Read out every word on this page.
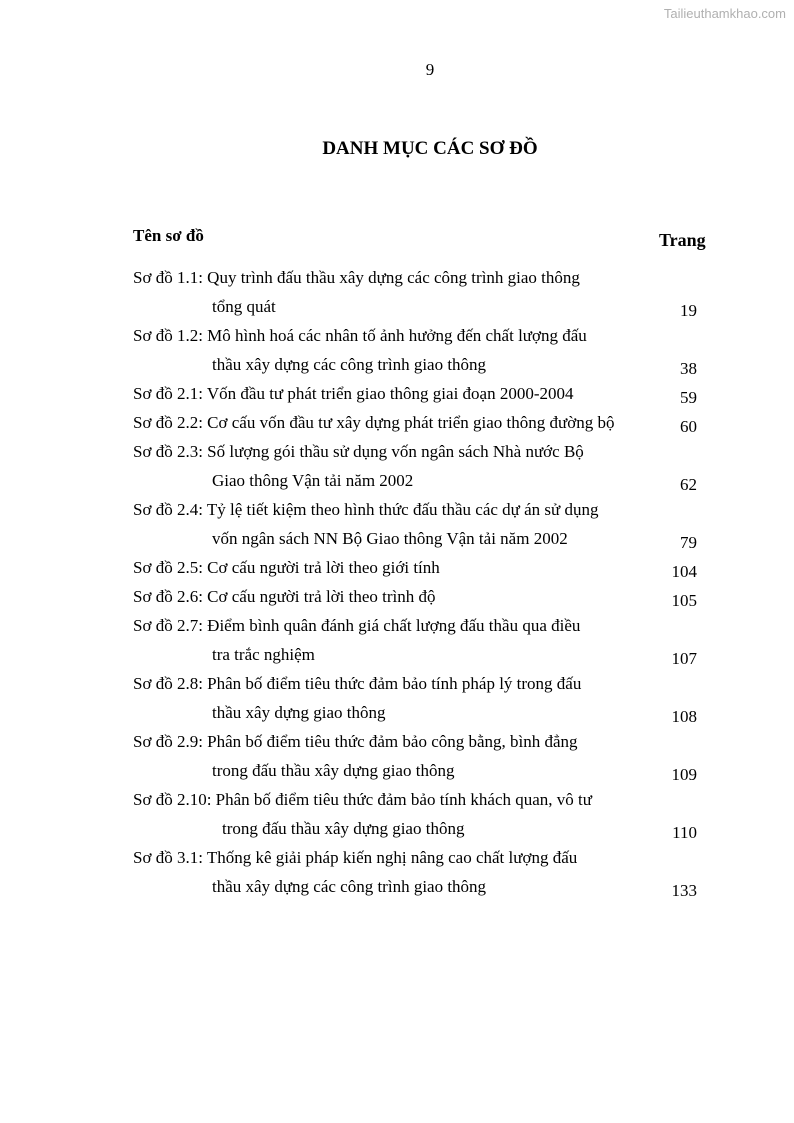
Tailieuthamkhao.com
9
DANH MỤC CÁC SƠ ĐỒ
Tên sơ đồ	Trang
Sơ đồ 1.1: Quy trình đấu thầu xây dựng các công trình giao thông
tổng quát	19
Sơ đồ 1.2: Mô hình hoá các nhân tố ảnh hưởng đến chất lượng đấu
thầu xây dựng các công trình giao thông	38
Sơ đồ 2.1: Vốn đầu tư phát triển giao thông giai đoạn 2000-2004	59
Sơ đồ 2.2: Cơ cấu vốn đầu tư xây dựng phát triển giao thông đường bộ	60
Sơ đồ 2.3: Số lượng gói thầu sử dụng vốn ngân sách Nhà nước Bộ
Giao thông Vận tải năm 2002	62
Sơ đồ 2.4: Tỷ lệ tiết kiệm theo hình thức đấu thầu các dự án sử dụng
vốn ngân sách NN Bộ Giao thông Vận tải năm 2002	79
Sơ đồ 2.5: Cơ cấu người trả lời theo giới tính	104
Sơ đồ 2.6: Cơ cấu người trả lời theo trình độ	105
Sơ đồ 2.7: Điểm bình quân đánh giá chất lượng đấu thầu qua điều
tra trắc nghiệm	107
Sơ đồ 2.8: Phân bố điểm tiêu thức đảm bảo tính pháp lý trong đấu
thầu xây dựng giao thông	108
Sơ đồ 2.9: Phân bố điểm tiêu thức đảm bảo công bằng, bình đẳng
trong đấu thầu xây dựng giao thông	109
Sơ đồ 2.10: Phân bố điểm tiêu thức đảm bảo tính khách quan, vô tư
trong đấu thầu xây dựng giao thông	110
Sơ đồ 3.1: Thống kê giải pháp kiến nghị nâng cao chất lượng đấu
thầu xây dựng các công trình giao thông	133
